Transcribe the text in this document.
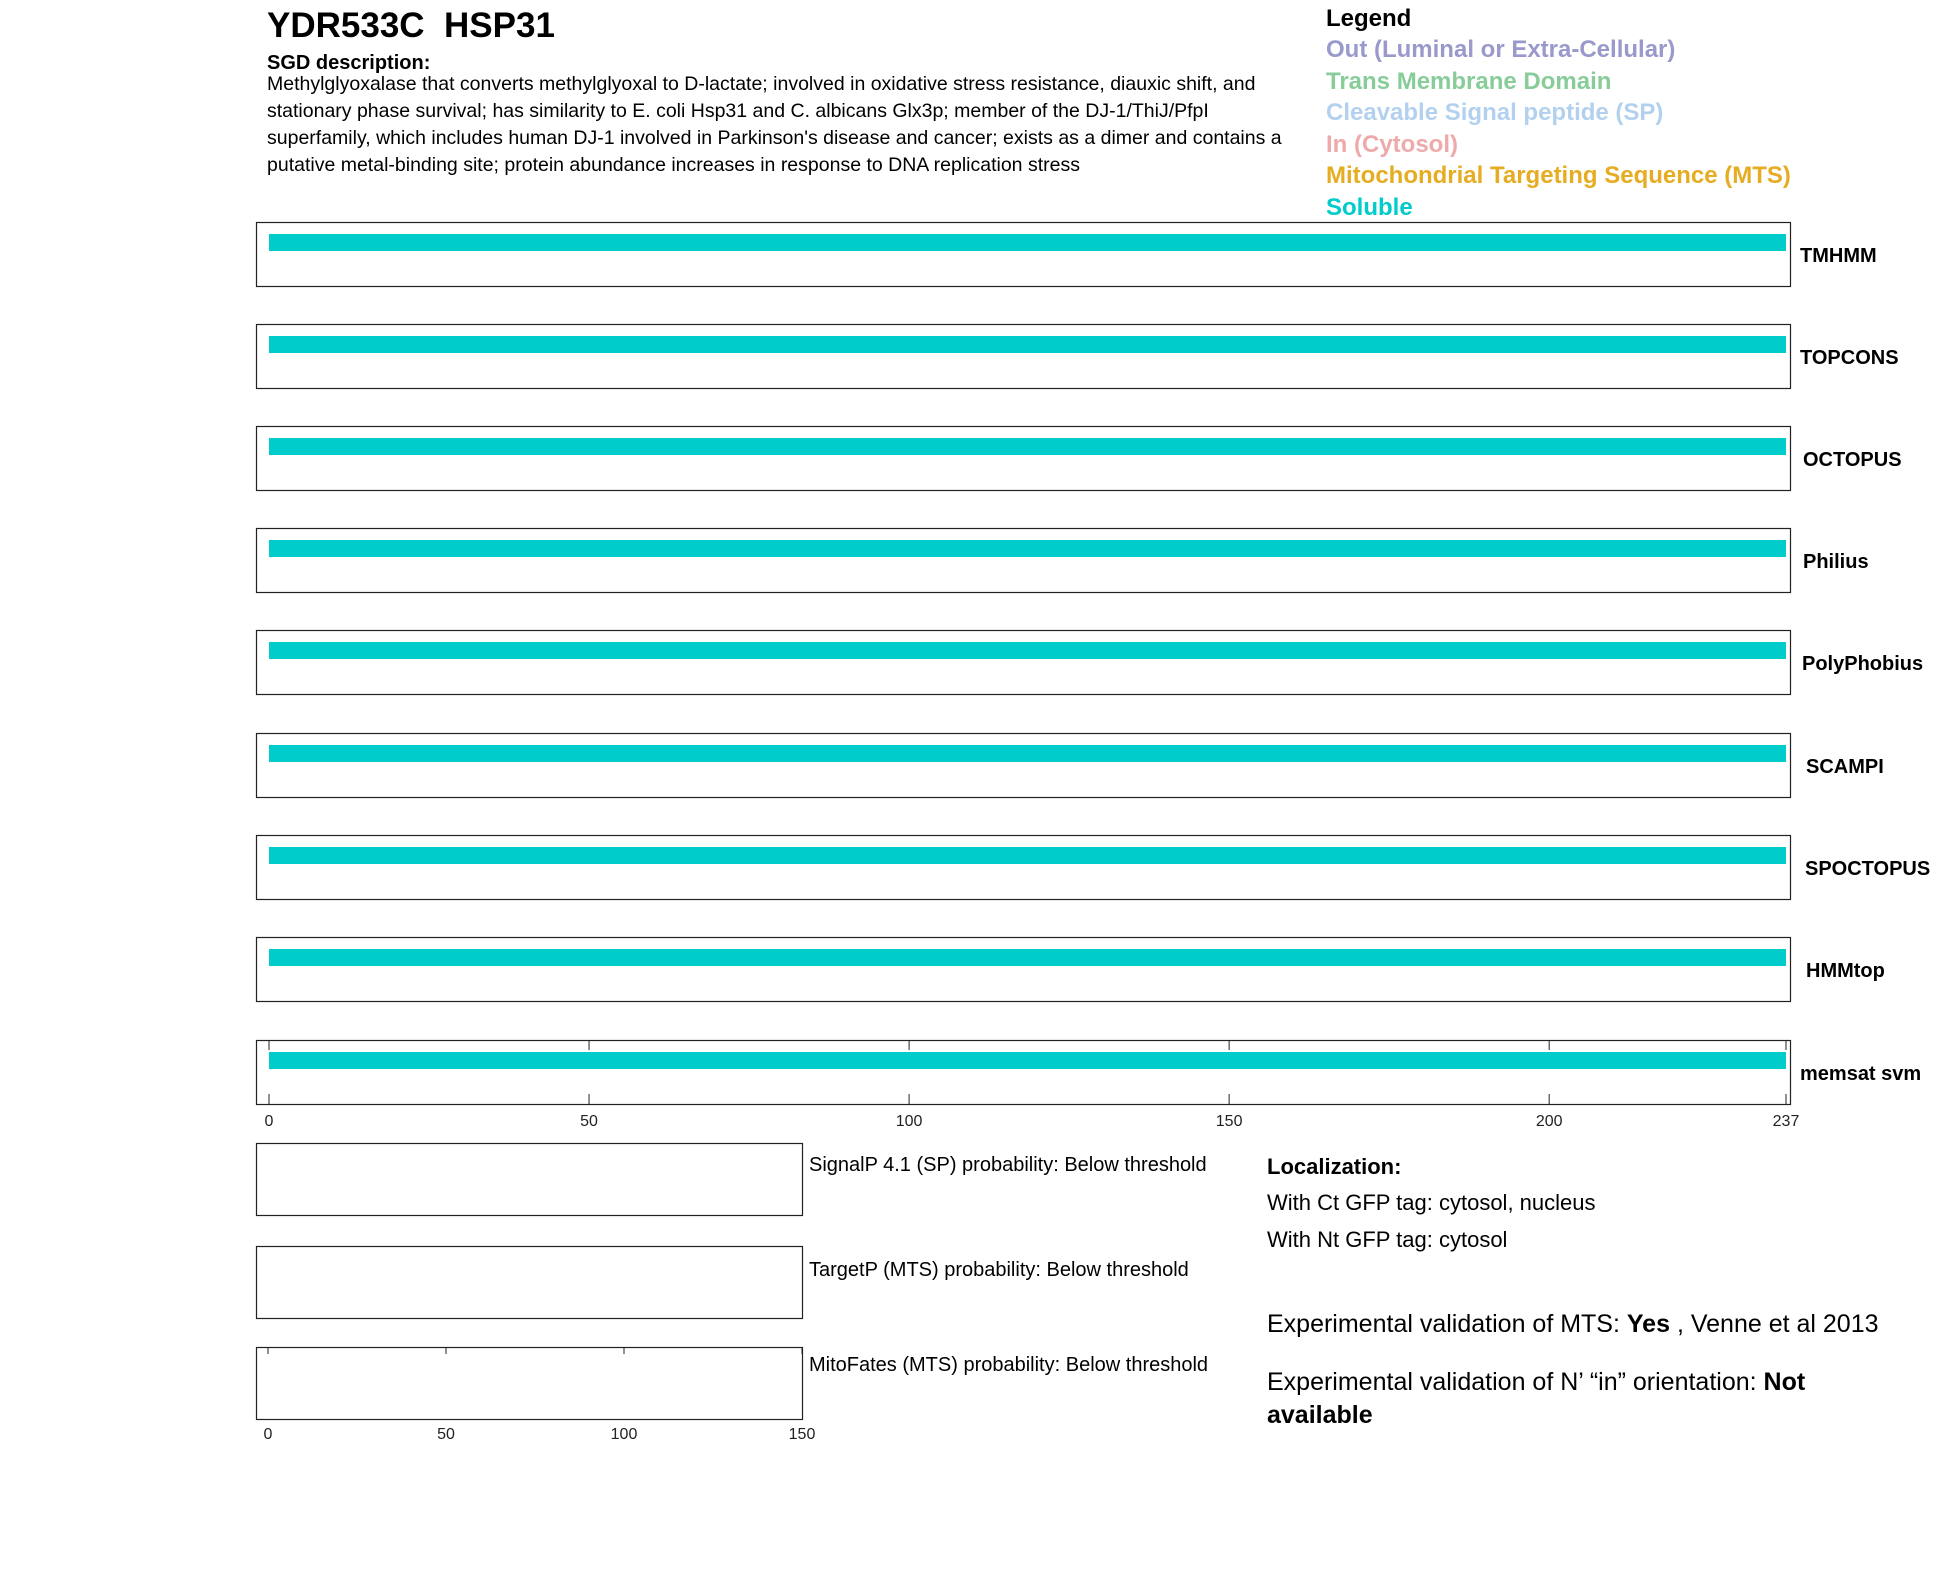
YDR533C HSP31
SGD description:
Methylglyoxalase that converts methylglyoxal to D-lactate; involved in oxidative stress resistance, diauxic shift, and stationary phase survival; has similarity to E. coli Hsp31 and C. albicans Glx3p; member of the DJ-1/ThiJ/PfpI superfamily, which includes human DJ-1 involved in Parkinson's disease and cancer; exists as a dimer and contains a putative metal-binding site; protein abundance increases in response to DNA replication stress
Legend
Out (Luminal or Extra-Cellular)
Trans Membrane Domain
Cleavable Signal peptide (SP)
In (Cytosol)
Mitochondrial Targeting Sequence (MTS)
Soluble
TMHMM
TOPCONS
OCTOPUS
Philius
PolyPhobius
SCAMPI
SPOCTOPUS
HMMtop
memsat svm
0	50	100	150	200	237
0	50	100	150
SignalP 4.1 (SP) probability: Below threshold
TargetP (MTS) probability: Below threshold
MitoFates (MTS) probability: Below threshold
Localization:
With Ct GFP tag: cytosol, nucleus
With Nt GFP tag: cytosol
Experimental validation of MTS: Yes , Venne et al 2013
Experimental validation of N’ “in” orientation: Not available
